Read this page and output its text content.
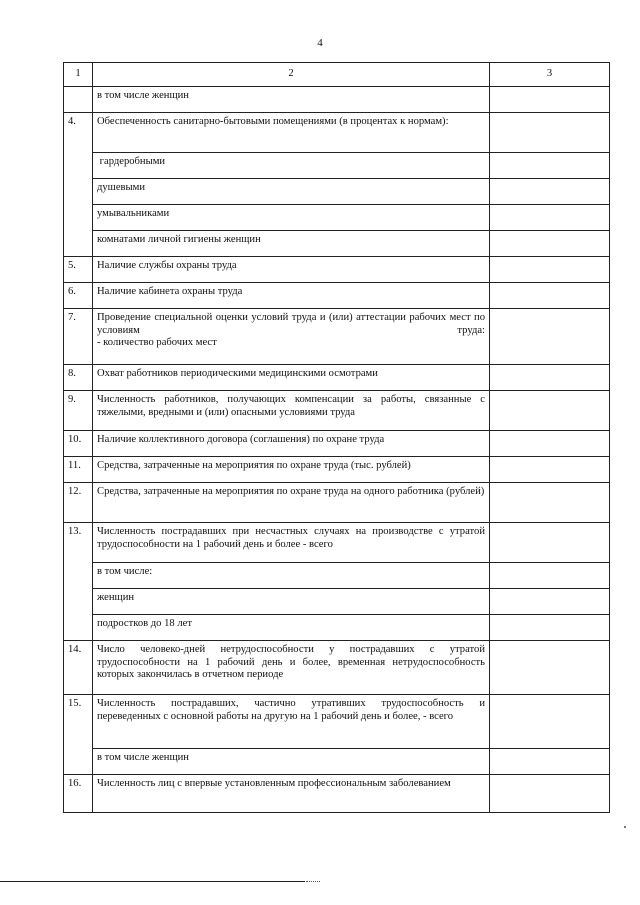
4
1	2	3
	в том числе женщин	
4.	Обеспеченность санитарно-бытовыми помещениями (в процентах к нормам):	
	гардеробными	
	душевыми	
	умывальниками	
	комнатами личной гигиены женщин	
5.	Наличие службы охраны труда	
6.	Наличие кабинета охраны труда	
7.	Проведение специальной оценки условий труда и (или) аттестации рабочих мест по условиям труда:
- количество рабочих мест	

8.	Охват работников периодическими медицинскими осмотрами	
9.	Численность работников, получающих компенсации за работы, связанные с тяжелыми, вредными и (или) опасными условиями труда	
10.	Наличие коллективного договора (соглашения) по охране труда	
11.	Средства, затраченные на мероприятия по охране труда (тыс. рублей)	
12.	Средства, затраченные на мероприятия по охране труда на одного работника (рублей)	
13.	Численность пострадавших при несчастных случаях на производстве с утратой трудоспособности на 1 рабочий день и более - всего	
	в том числе:	
	женщин	
	подростков до 18 лет	
14.	Число человеко-дней нетрудоспособности у пострадавших с утратой трудоспособности на 1 рабочий день и более, временная нетрудоспособность которых закончилась в отчетном периоде	
15.	Численность пострадавших, частично утративших трудоспособность и переведенных с основной работы на другую на 1 рабочий день и более, - всего	
	в том числе женщин	
16.	Численность лиц с впервые установленным профессиональным заболеванием	
